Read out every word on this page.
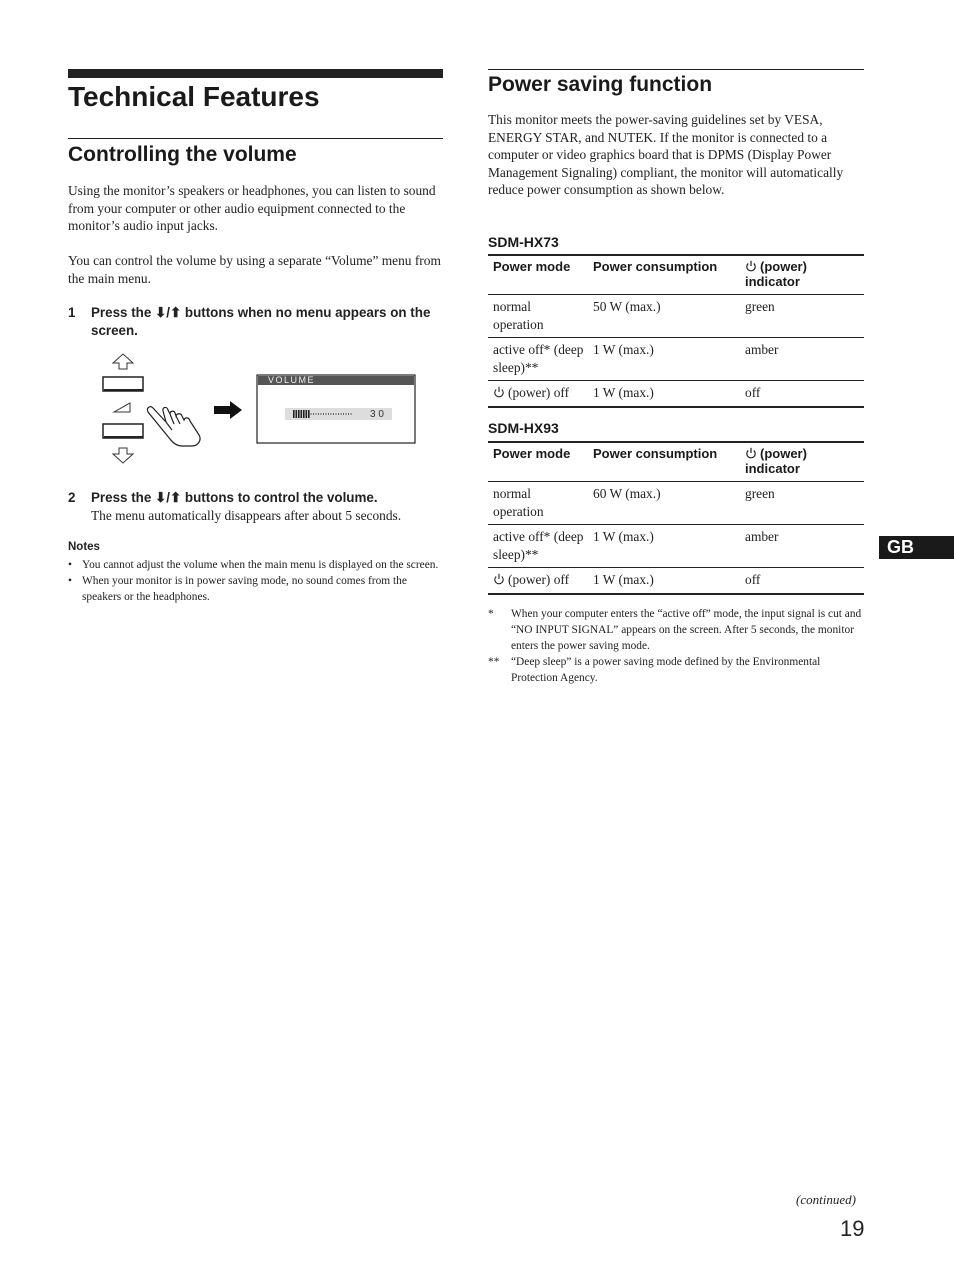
Technical Features
Controlling the volume

Using the monitor’s speakers or headphones, you can listen to sound from your computer or other audio equipment connected to the monitor’s audio input jacks.

You can control the volume by using a separate “Volume” menu from the main menu.

1 Press the ⬇/⬆ buttons when no menu appears on the screen.
VOLUME
3 0
2 Press the ⬇/⬆ buttons to control the volume.
The menu automatically disappears after about 5 seconds.
Notes
• You cannot adjust the volume when the main menu is displayed on the screen.
• When your monitor is in power saving mode, no sound comes from the speakers or the headphones.
Power saving function

This monitor meets the power-saving guidelines set by VESA, ENERGY STAR, and NUTEK. If the monitor is connected to a computer or video graphics board that is DPMS (Display Power Management Signaling) compliant, the monitor will automatically reduce power consumption as shown below.

SDM-HX73
Power mode	Power consumption	(power) indicator
normal operation	50 W (max.)	green
active off* (deep sleep)**	1 W (max.)	amber
(power) off	1 W (max.)	off
SDM-HX93
Power mode	Power consumption	(power) indicator
normal operation	60 W (max.)	green
active off* (deep sleep)**	1 W (max.)	amber
(power) off	1 W (max.)	off
* When your computer enters the “active off” mode, the input signal is cut and “NO INPUT SIGNAL” appears on the screen. After 5 seconds, the monitor enters the power saving mode.
** “Deep sleep” is a power saving mode defined by the Environmental Protection Agency.
GB
(continued)
19
